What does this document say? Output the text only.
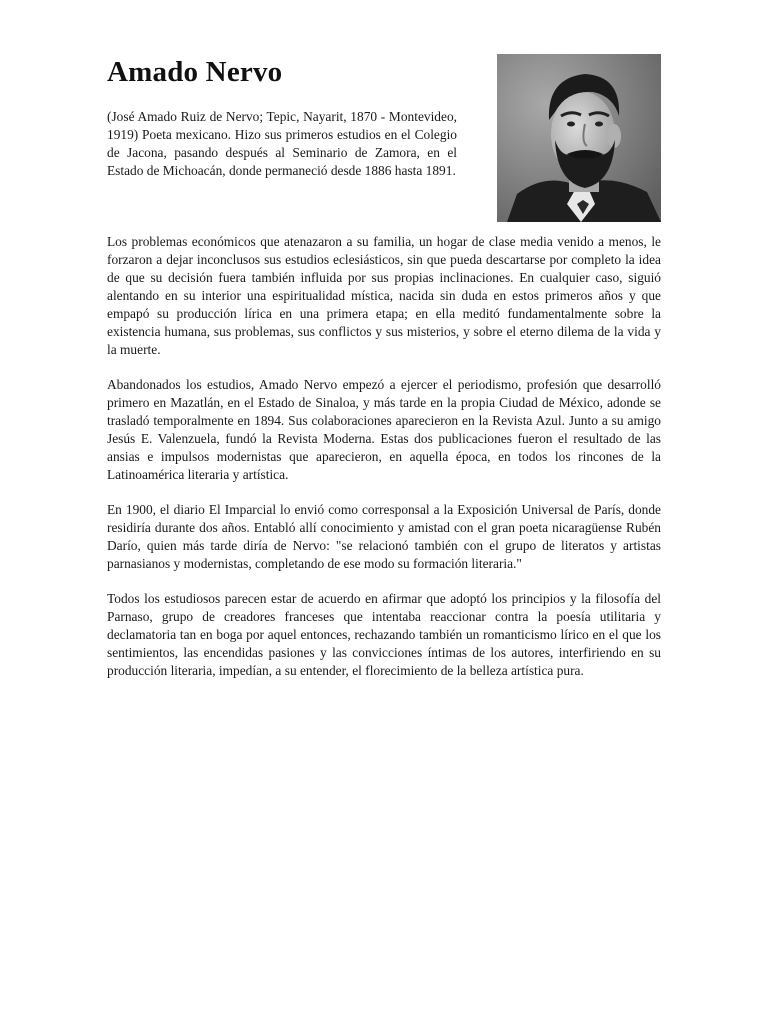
Amado Nervo

(José Amado Ruiz de Nervo; Tepic, Nayarit, 1870 - Montevideo, 1919) Poeta mexicano. Hizo sus primeros estudios en el Colegio de Jacona, pasando después al Seminario de Zamora, en el Estado de Michoacán, donde permaneció desde 1886 hasta 1891.

Los problemas económicos que atenazaron a su familia, un hogar de clase media venido a menos, le forzaron a dejar inconclusos sus estudios eclesiásticos, sin que pueda descartarse por completo la idea de que su decisión fuera también influida por sus propias inclinaciones. En cualquier caso, siguió alentando en su interior una espiritualidad mística, nacida sin duda en estos primeros años y que empapó su producción lírica en una primera etapa; en ella meditó fundamentalmente sobre la existencia humana, sus problemas, sus conflictos y sus misterios, y sobre el eterno dilema de la vida y la muerte.

Abandonados los estudios, Amado Nervo empezó a ejercer el periodismo, profesión que desarrolló primero en Mazatlán, en el Estado de Sinaloa, y más tarde en la propia Ciudad de México, adonde se trasladó temporalmente en 1894. Sus colaboraciones aparecieron en la Revista Azul. Junto a su amigo Jesús E. Valenzuela, fundó la Revista Moderna. Estas dos publicaciones fueron el resultado de las ansias e impulsos modernistas que aparecieron, en aquella época, en todos los rincones de la Latinoamérica literaria y artística.

En 1900, el diario El Imparcial lo envió como corresponsal a la Exposición Universal de París, donde residiría durante dos años. Entabló allí conocimiento y amistad con el gran poeta nicaragüense Rubén Darío, quien más tarde diría de Nervo: "se relacionó también con el grupo de literatos y artistas parnasianos y modernistas, completando de ese modo su formación literaria."

Todos los estudiosos parecen estar de acuerdo en afirmar que adoptó los principios y la filosofía del Parnaso, grupo de creadores franceses que intentaba reaccionar contra la poesía utilitaria y declamatoria tan en boga por aquel entonces, rechazando también un romanticismo lírico en el que los sentimientos, las encendidas pasiones y las convicciones íntimas de los autores, interfiriendo en su producción literaria, impedían, a su entender, el florecimiento de la belleza artística pura.
